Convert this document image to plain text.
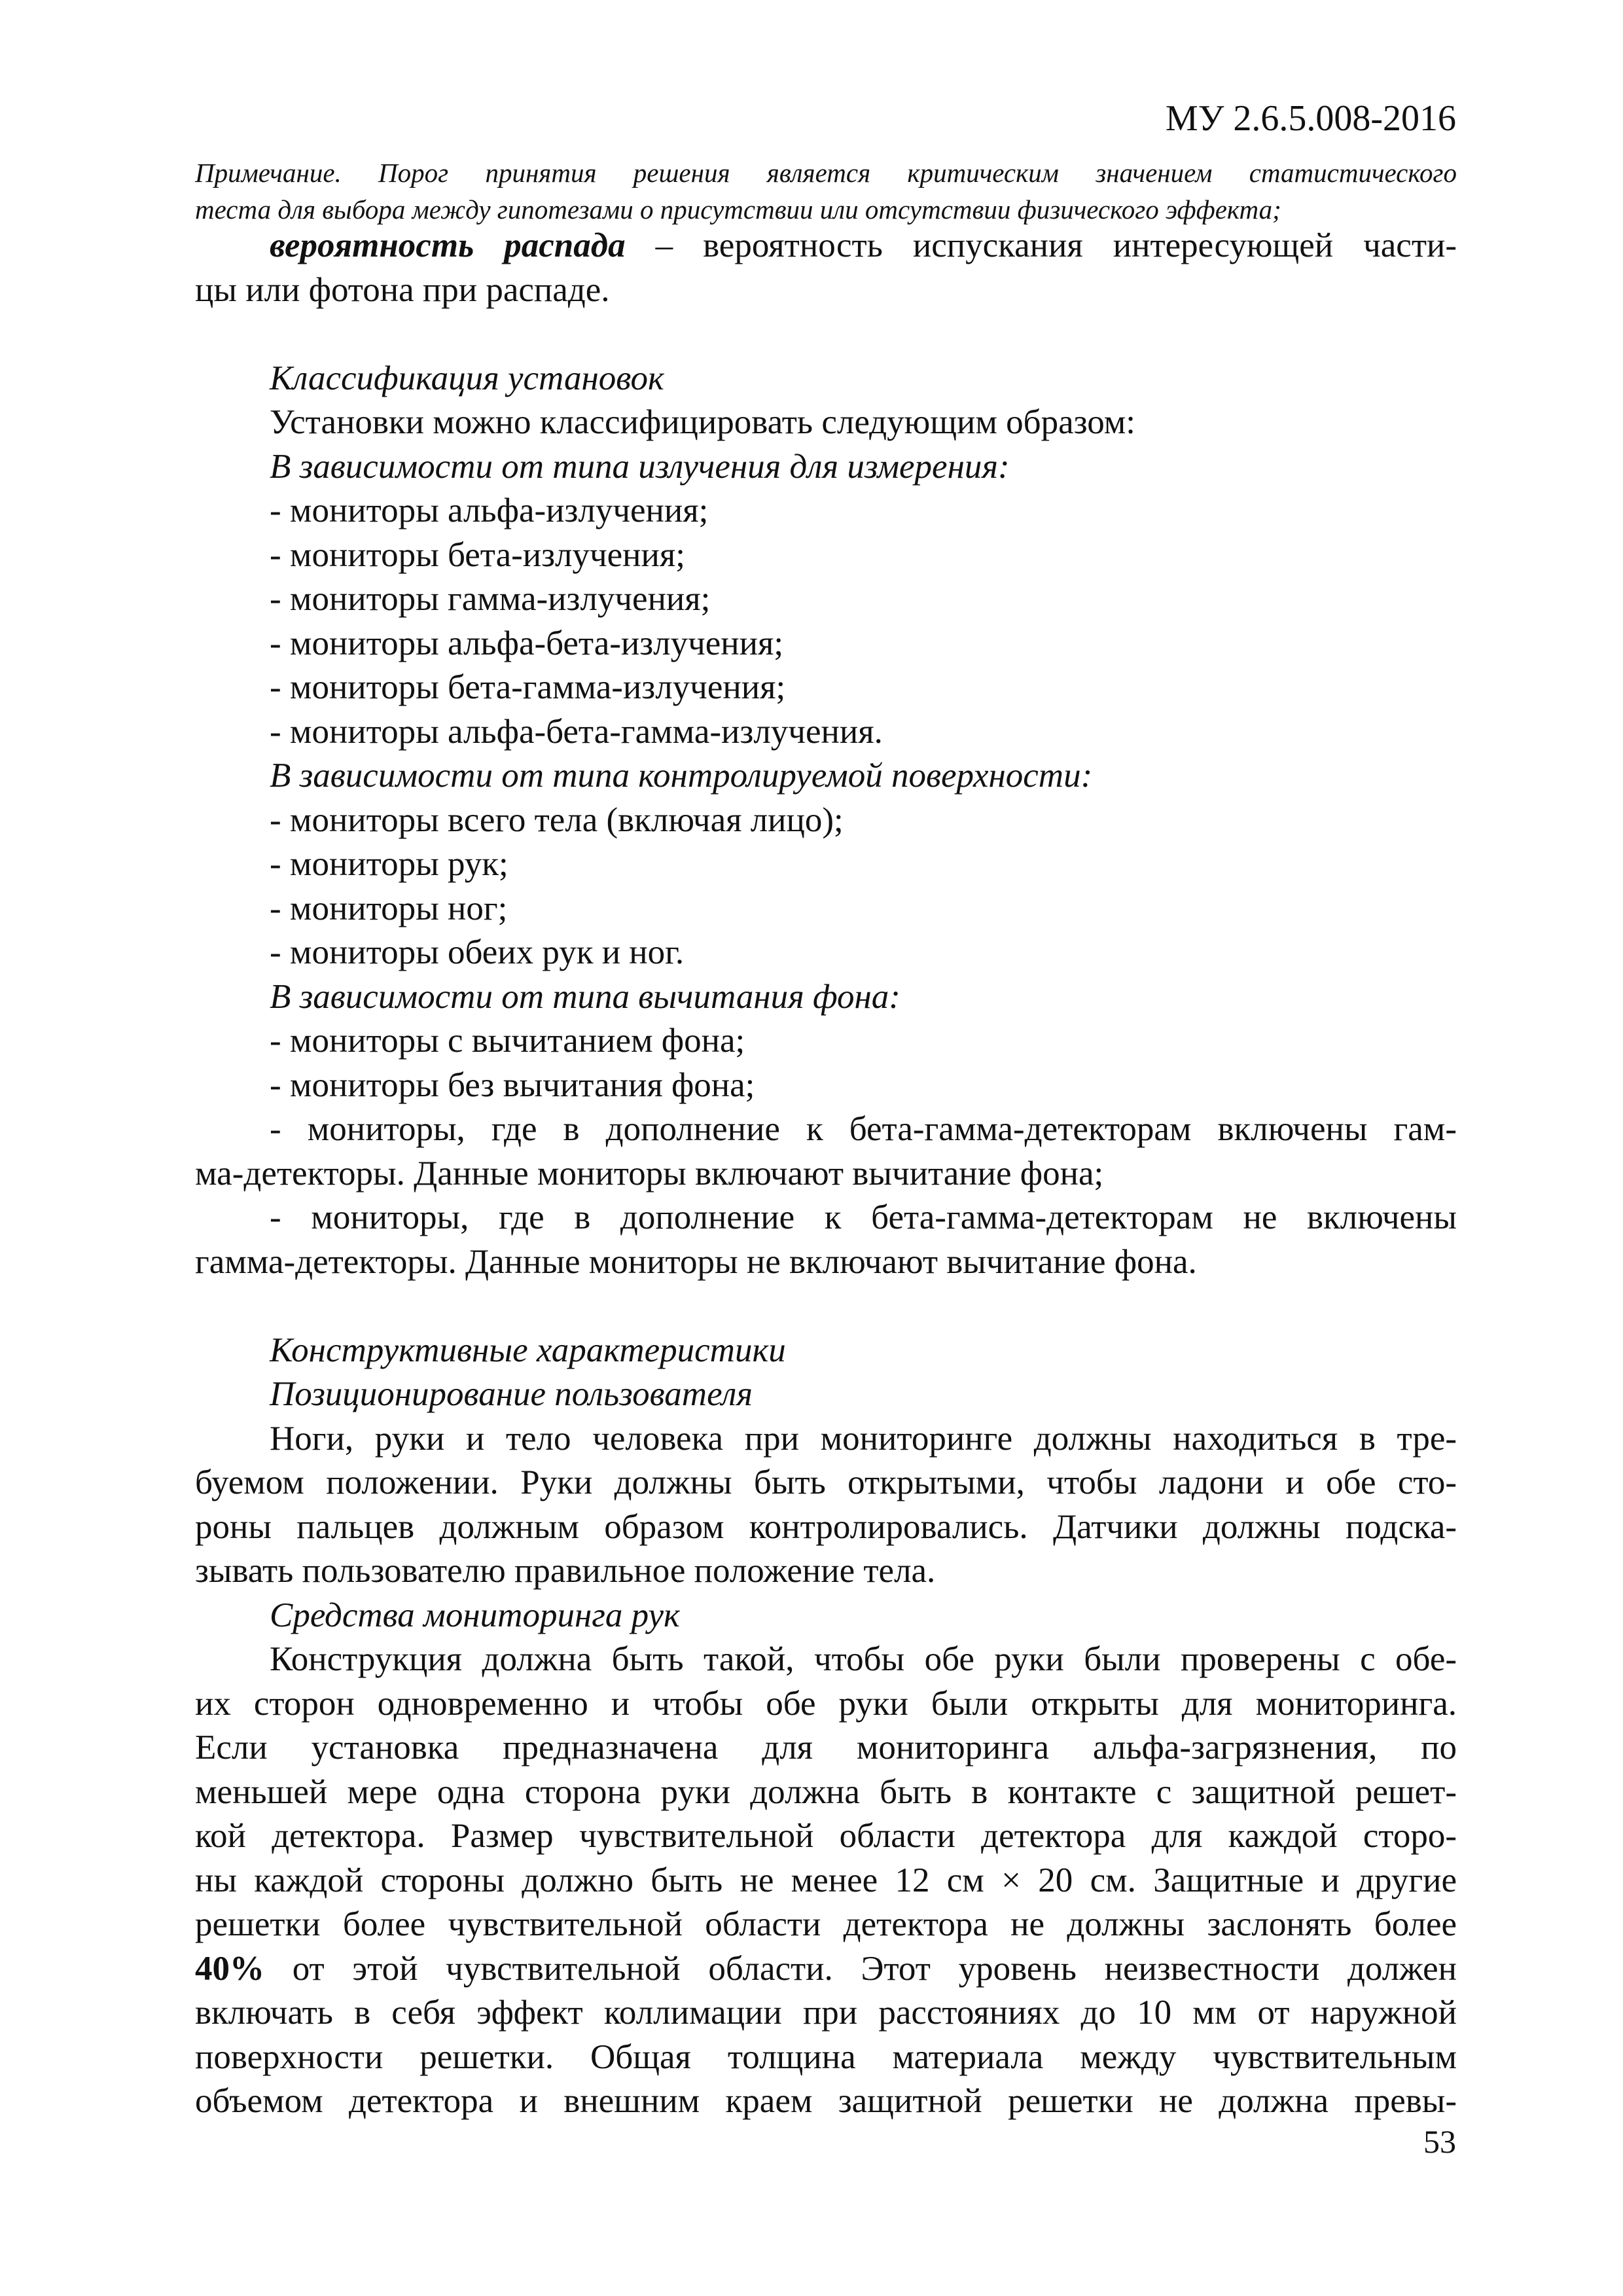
МУ 2.6.5.008-2016
Примечание. Порог принятия решения является критическим значением статистического
теста для выбора между гипотезами о присутствии или отсутствии физического эффекта;
вероятность распада – вероятность испускания интересующей части-
цы или фотона при распаде.
Классификация установок
Установки можно классифицировать следующим образом:
В зависимости от типа излучения для измерения:
- мониторы альфа-излучения;
- мониторы бета-излучения;
- мониторы гамма-излучения;
- мониторы альфа-бета-излучения;
- мониторы бета-гамма-излучения;
- мониторы альфа-бета-гамма-излучения.
В зависимости от типа контролируемой поверхности:
- мониторы всего тела (включая лицо);
- мониторы рук;
- мониторы ног;
- мониторы обеих рук и ног.
В зависимости от типа вычитания фона:
- мониторы с вычитанием фона;
- мониторы без вычитания фона;
- мониторы, где в дополнение к бета-гамма-детекторам включены гам-
ма-детекторы. Данные мониторы включают вычитание фона;
- мониторы, где в дополнение к бета-гамма-детекторам не включены
гамма-детекторы. Данные мониторы не включают вычитание фона.
Конструктивные характеристики
Позиционирование пользователя
Ноги, руки и тело человека при мониторинге должны находиться в тре-
буемом положении. Руки должны быть открытыми, чтобы ладони и обе сто-
роны пальцев должным образом контролировались. Датчики должны подска-
зывать пользователю правильное положение тела.
Средства мониторинга рук
Конструкция должна быть такой, чтобы обе руки были проверены с обе-
их сторон одновременно и чтобы обе руки были открыты для мониторинга.
Если установка предназначена для мониторинга альфа-загрязнения, по
меньшей мере одна сторона руки должна быть в контакте с защитной решет-
кой детектора. Размер чувствительной области детектора для каждой сторо-
ны каждой стороны должно быть не менее 12 см × 20 см. Защитные и другие
решетки более чувствительной области детектора не должны заслонять более
40% от этой чувствительной области. Этот уровень неизвестности должен
включать в себя эффект коллимации при расстояниях до 10 мм от наружной
поверхности решетки. Общая толщина материала между чувствительным
объемом детектора и внешним краем защитной решетки не должна превы-
53
